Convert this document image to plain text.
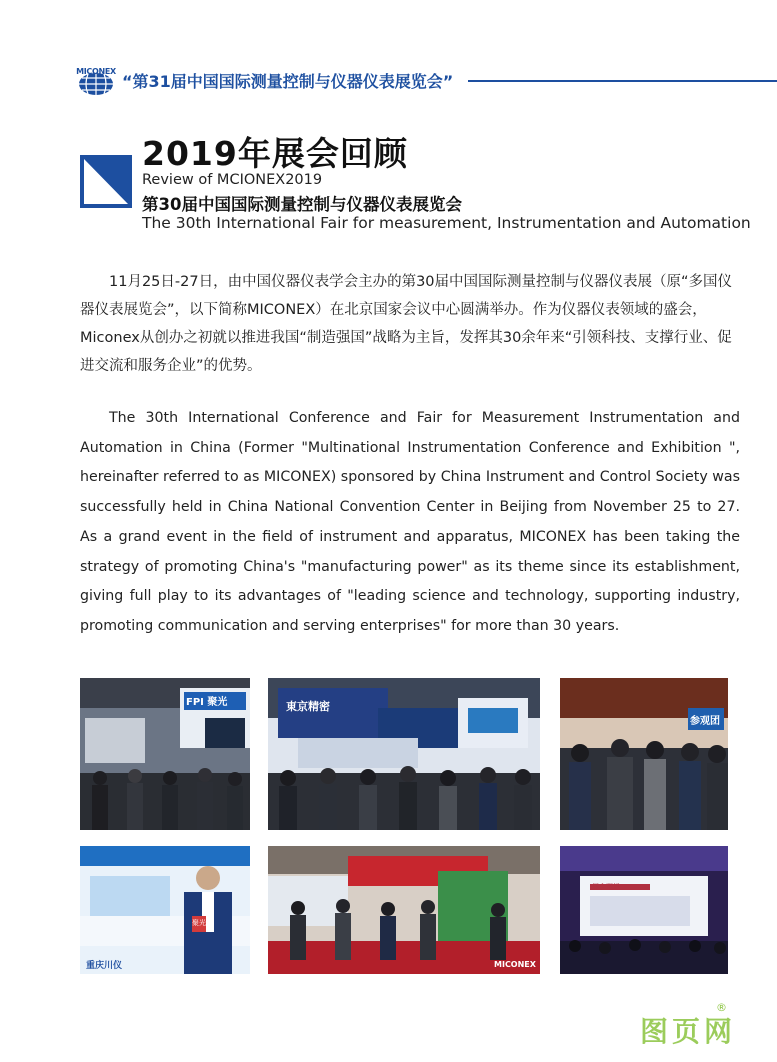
MICONEX
“第31届中国国际测量控制与仪器仪表展览会”
2019年展会回顾
Review of MCIONEX2019
第30届中国国际测量控制与仪器仪表展览会
The 30th International Fair for measurement, Instrumentation and Automation

11月25日-27日，由中国仪器仪表学会主办的第30届中国国际测量控制与仪器仪表展（原“多国仪器仪表展览会”，以下简称MICONEX）在北京国家会议中心圆满举办。作为仪器仪表领域的盛会，Miconex从创办之初就以推进我国“制造强国”战略为主旨，发挥其30余年来“引领科技、支撑行业、促进交流和服务企业”的优势。

The 30th International Conference and Fair for Measurement Instrumentation and Automation in China (Former "Multinational Instrumentation Conference and Exhibition ", hereinafter referred to as MICONEX) sponsored by China Instrument and Control Society was successfully held in China National Convention Center in Beijing from November 25 to 27. As a grand event in the field of instrument and apparatus, MICONEX has been taking the strategy of promoting China's "manufacturing power" as its theme since its establishment, giving full play to its advantages of "leading science and technology, supporting industry, promoting communication and serving enterprises" for more than 30 years.

FPI 聚光	東京精密
参观团
聚光
重庆川仪	MICONEX
展会现场
图页网
®
